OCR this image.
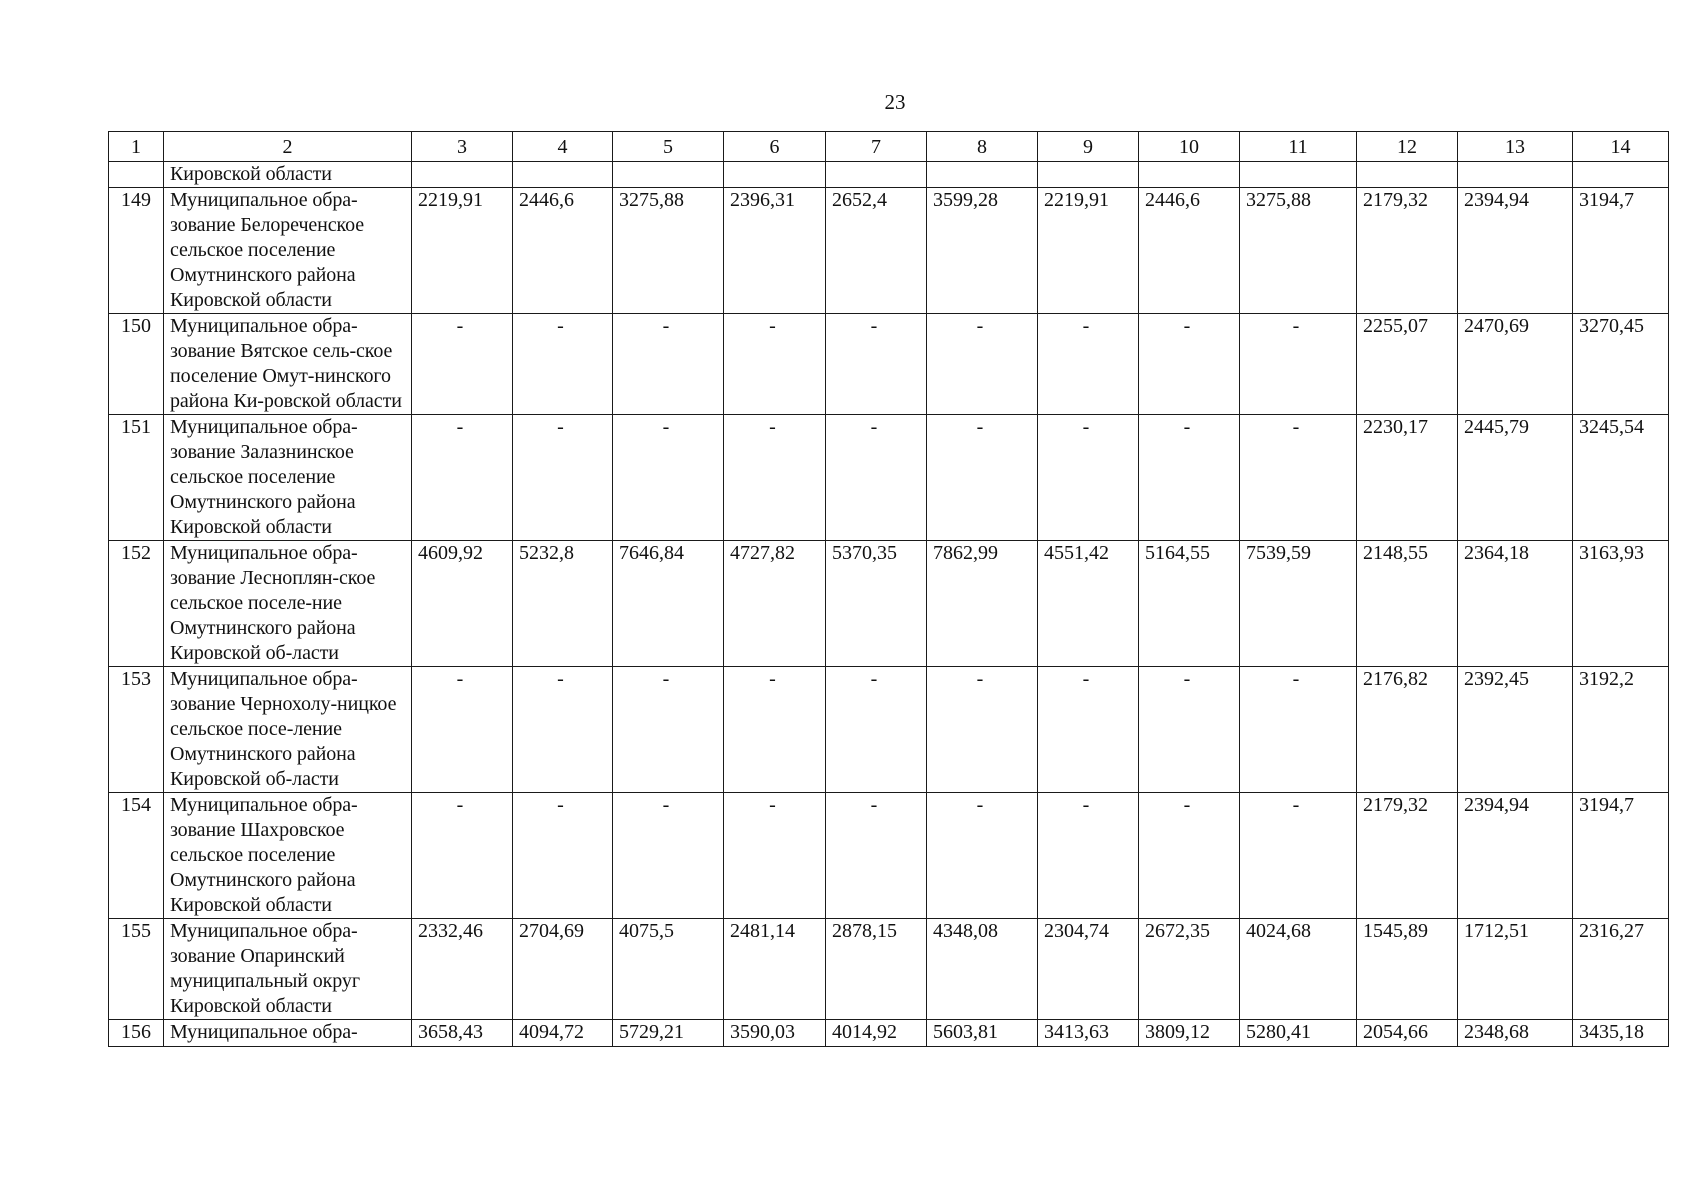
23
1	2	3	4	5	6	7	8	9	10	11	12	13	14
	Кировской области												
149	Муниципальное обра-зование Белореченское сельское поселение Омутнинского района Кировской области	2219,91	2446,6	3275,88	2396,31	2652,4	3599,28	2219,91	2446,6	3275,88	2179,32	2394,94	3194,7
150	Муниципальное обра-зование Вятское сель-ское поселение Омут-нинского района Ки-ровской области	-	-	-	-	-	-	-	-	-	2255,07	2470,69	3270,45
151	Муниципальное обра-зование Залазнинское сельское поселение Омутнинского района Кировской области	-	-	-	-	-	-	-	-	-	2230,17	2445,79	3245,54
152	Муниципальное обра-зование Лесноплян-ское сельское поселе-ние Омутнинского района Кировской об-ласти	4609,92	5232,8	7646,84	4727,82	5370,35	7862,99	4551,42	5164,55	7539,59	2148,55	2364,18	3163,93
153	Муниципальное обра-зование Чернохолу-ницкое сельское посе-ление Омутнинского района Кировской об-ласти	-	-	-	-	-	-	-	-	-	2176,82	2392,45	3192,2
154	Муниципальное обра-зование Шахровское сельское поселение Омутнинского района Кировской области	-	-	-	-	-	-	-	-	-	2179,32	2394,94	3194,7
155	Муниципальное обра-зование Опаринский муниципальный округ Кировской области	2332,46	2704,69	4075,5	2481,14	2878,15	4348,08	2304,74	2672,35	4024,68	1545,89	1712,51	2316,27
156	Муниципальное обра-	3658,43	4094,72	5729,21	3590,03	4014,92	5603,81	3413,63	3809,12	5280,41	2054,66	2348,68	3435,18
